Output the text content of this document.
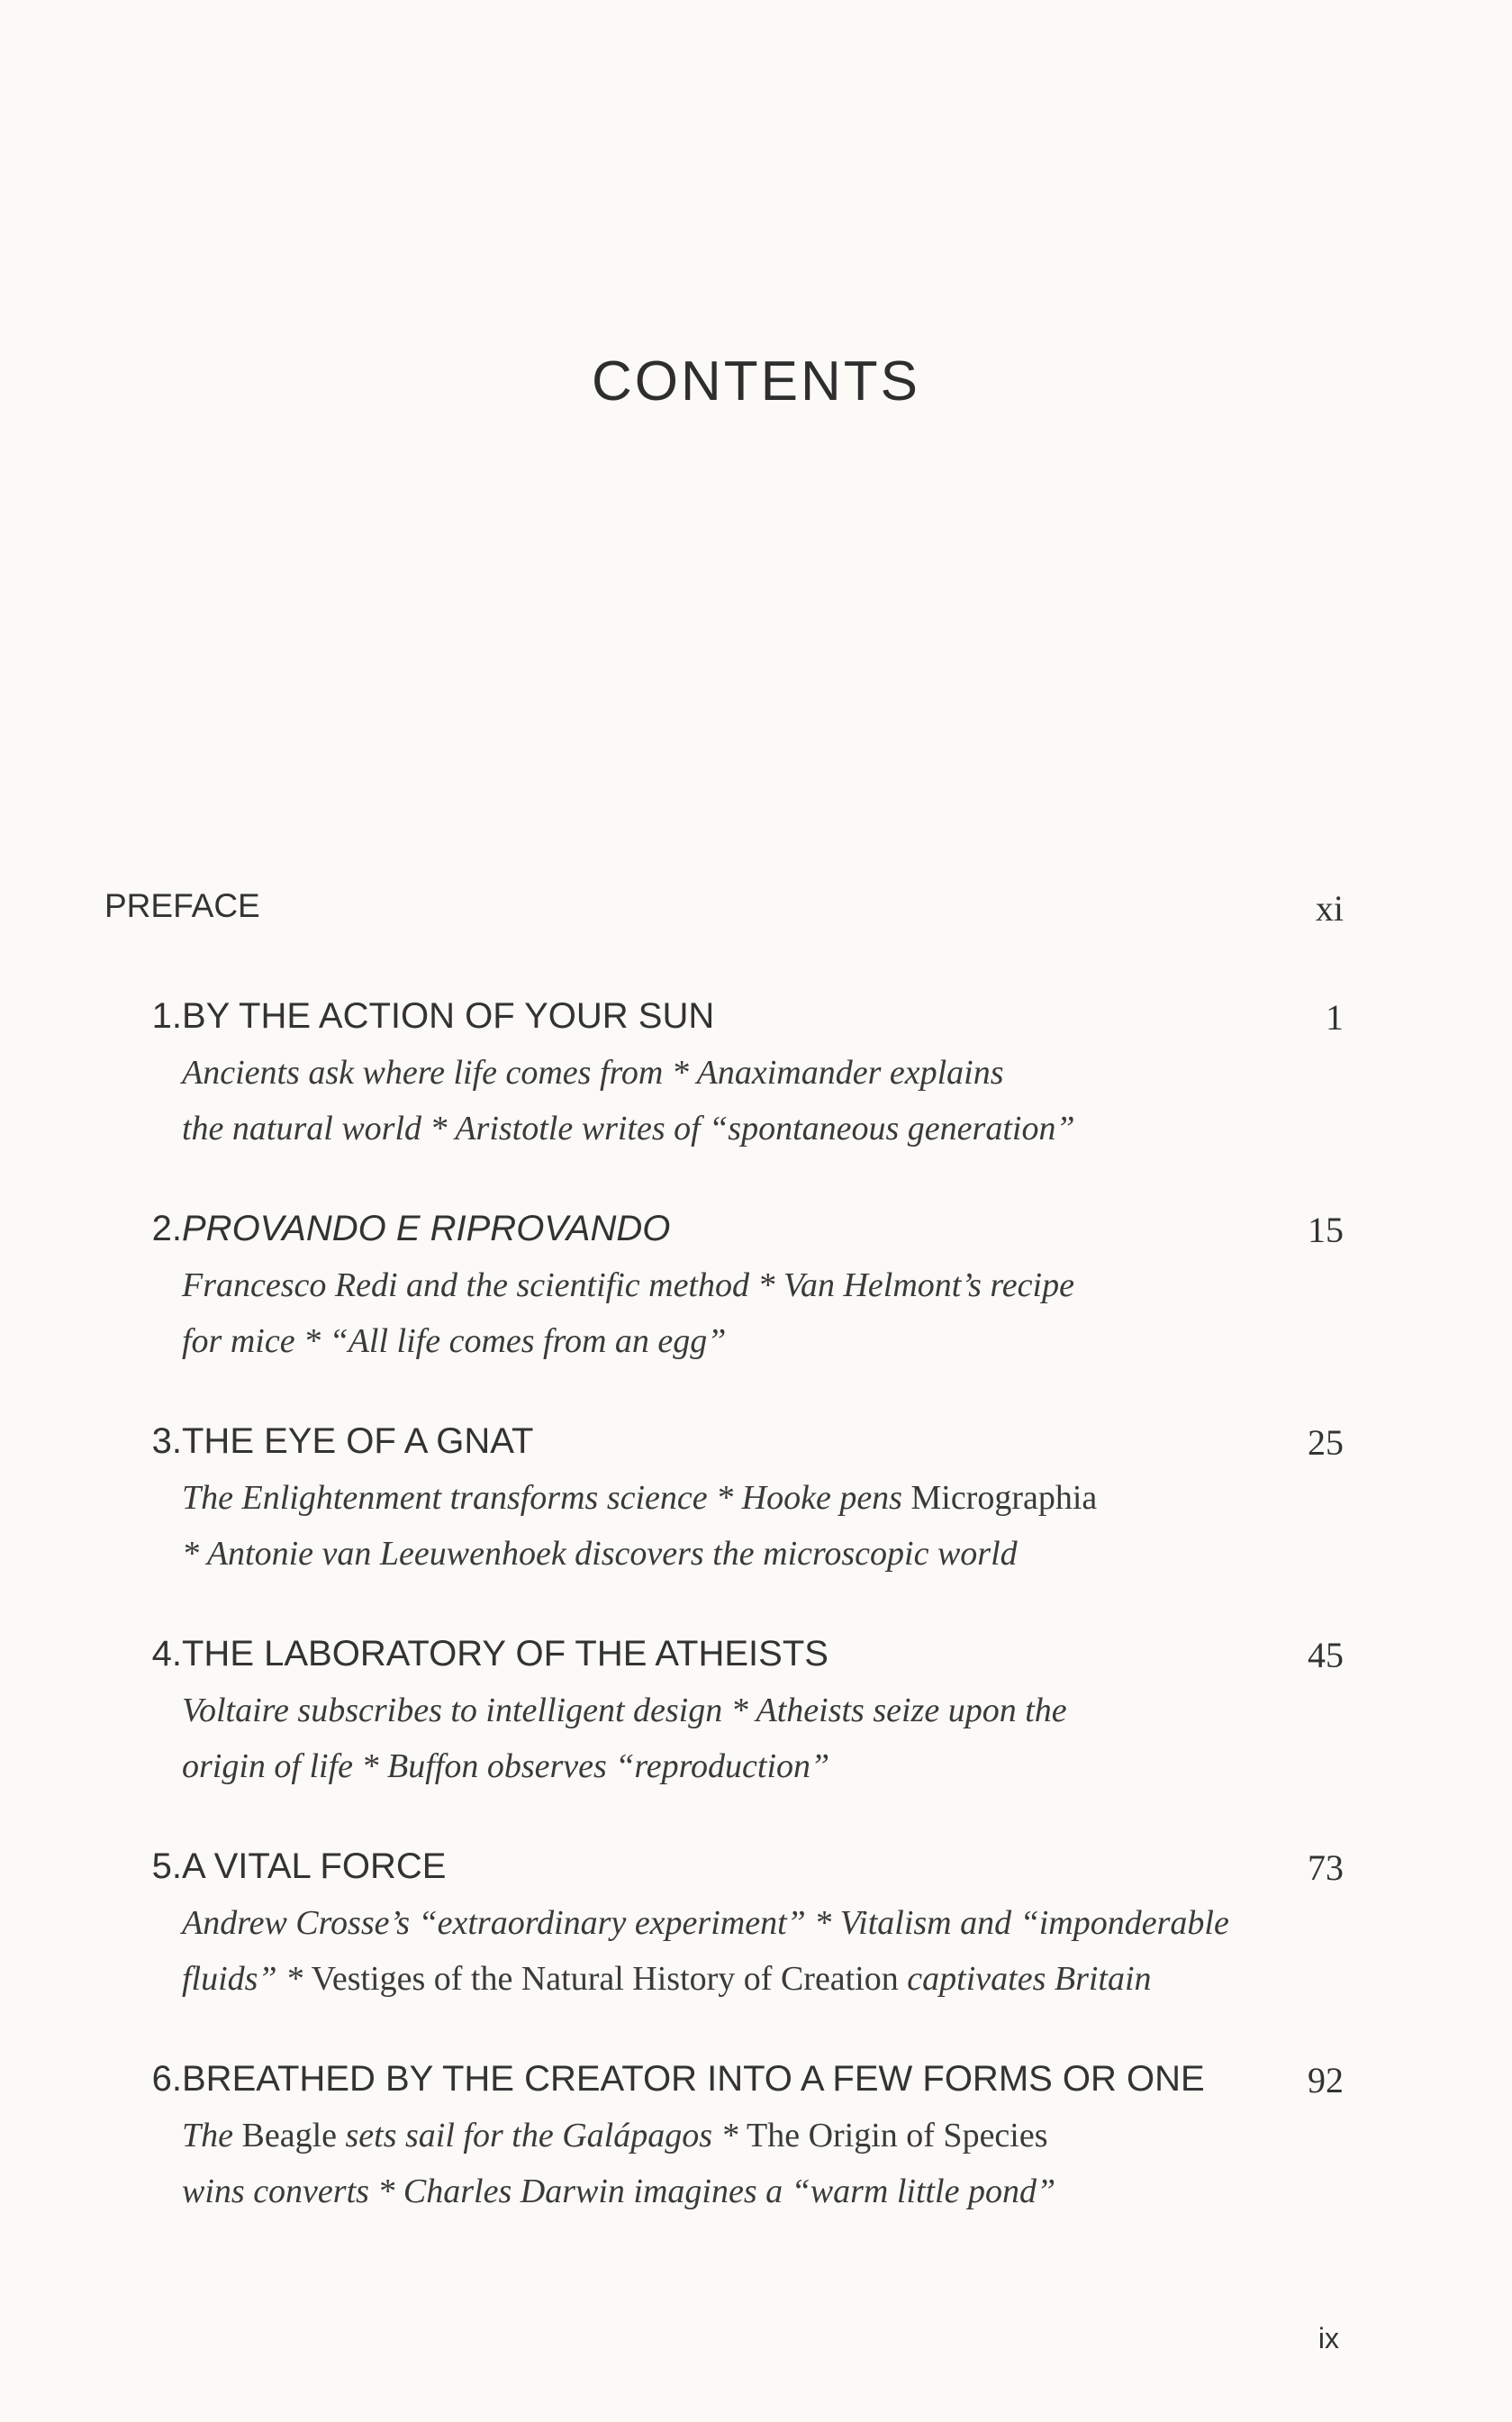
CONTENTS
PREFACE	xi
1. BY THE ACTION OF YOUR SUN	1
Ancients ask where life comes from * Anaximander explains
the natural world * Aristotle writes of “spontaneous generation”
2. PROVANDO E RIPROVANDO	15
Francesco Redi and the scientific method * Van Helmont’s recipe
for mice * “All life comes from an egg”
3. THE EYE OF A GNAT	25
The Enlightenment transforms science * Hooke pens Micrographia
* Antonie van Leeuwenhoek discovers the microscopic world
4. THE LABORATORY OF THE ATHEISTS	45
Voltaire subscribes to intelligent design * Atheists seize upon the
origin of life * Buffon observes “reproduction”
5. A VITAL FORCE	73
Andrew Crosse’s “extraordinary experiment” * Vitalism and “imponderable
fluids” * Vestiges of the Natural History of Creation captivates Britain
6. BREATHED BY THE CREATOR INTO A FEW FORMS OR ONE	92
The Beagle sets sail for the Galápagos * The Origin of Species
wins converts * Charles Darwin imagines a “warm little pond”
ix
